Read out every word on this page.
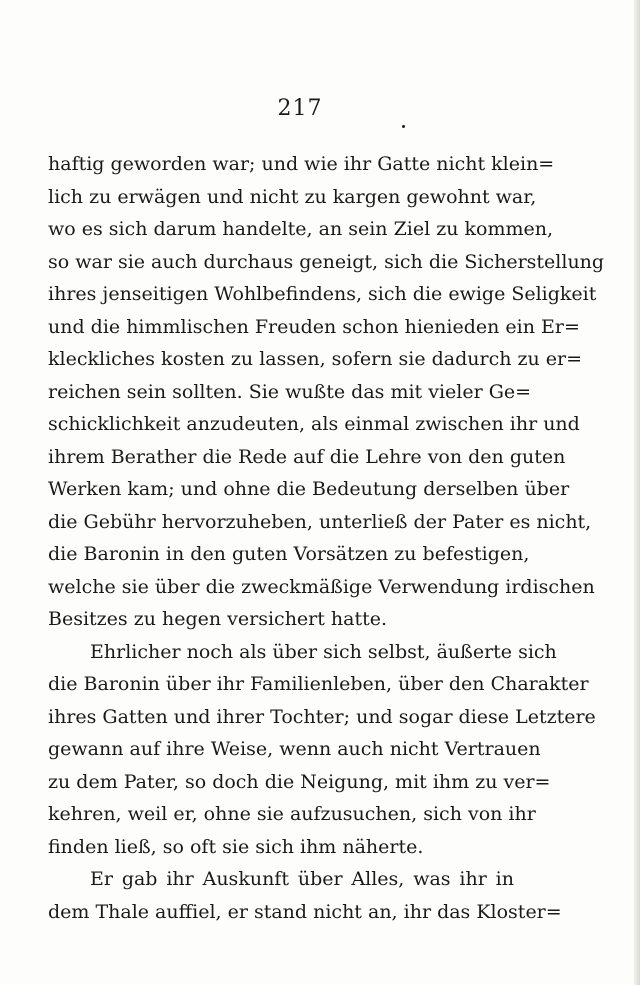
217
haftig geworden war; und wie ihr Gatte nicht klein=
lich zu erwägen und nicht zu kargen gewohnt war,
wo es sich darum handelte, an sein Ziel zu kommen,
so war sie auch durchaus geneigt, sich die Sicherstellung
ihres jenseitigen Wohlbefindens, sich die ewige Seligkeit
und die himmlischen Freuden schon hienieden ein Er=
kleckliches kosten zu lassen, sofern sie dadurch zu er=
reichen sein sollten. Sie wußte das mit vieler Ge=
schicklichkeit anzudeuten, als einmal zwischen ihr und
ihrem Berather die Rede auf die Lehre von den guten
Werken kam; und ohne die Bedeutung derselben über
die Gebühr hervorzuheben, unterließ der Pater es nicht,
die Baronin in den guten Vorsätzen zu befestigen,
welche sie über die zweckmäßige Verwendung irdischen
Besitzes zu hegen versichert hatte.
Ehrlicher noch als über sich selbst, äußerte sich
die Baronin über ihr Familienleben, über den Charakter
ihres Gatten und ihrer Tochter; und sogar diese Letztere
gewann auf ihre Weise, wenn auch nicht Vertrauen
zu dem Pater, so doch die Neigung, mit ihm zu ver=
kehren, weil er, ohne sie aufzusuchen, sich von ihr
finden ließ, so oft sie sich ihm näherte.
Er gab ihr Auskunft über Alles, was ihr in
dem Thale auffiel, er stand nicht an, ihr das Kloster=
